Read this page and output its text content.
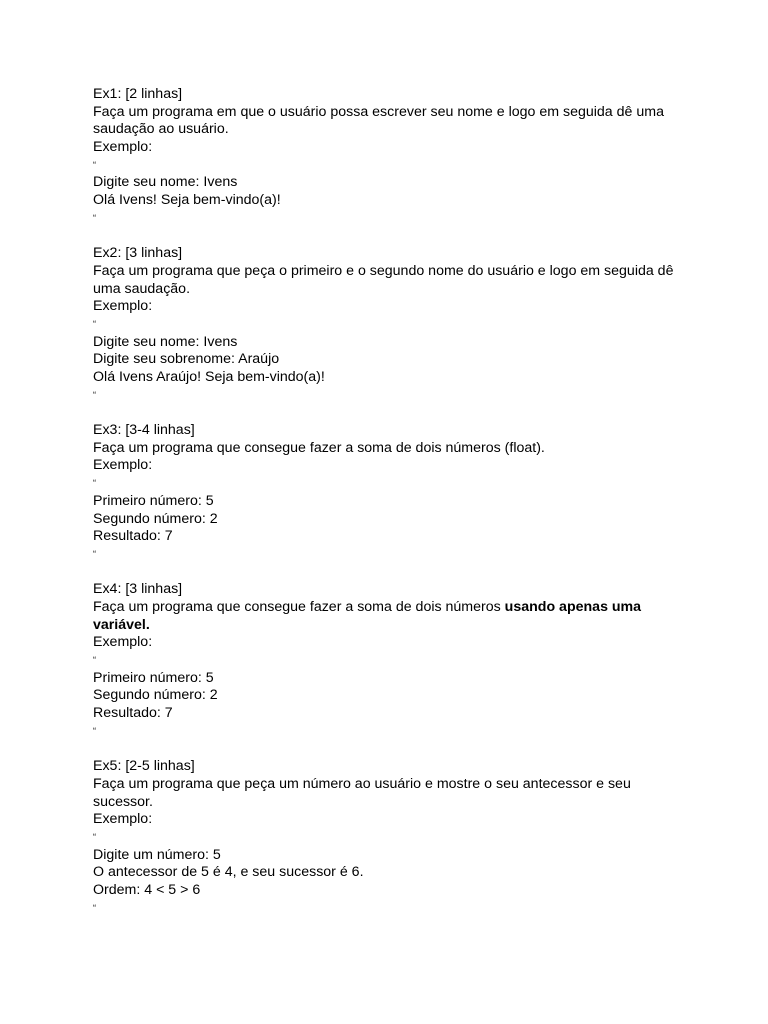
Ex1: [2 linhas]
Faça um programa em que o usuário possa escrever seu nome e logo em seguida dê uma
saudação ao usuário.
Exemplo:
“
Digite seu nome: Ivens
Olá Ivens! Seja bem-vindo(a)!
“
Ex2: [3 linhas]
Faça um programa que peça o primeiro e o segundo nome do usuário e logo em seguida dê
uma saudação.
Exemplo:
“
Digite seu nome: Ivens
Digite seu sobrenome: Araújo
Olá Ivens Araújo! Seja bem-vindo(a)!
“
Ex3: [3-4 linhas]
Faça um programa que consegue fazer a soma de dois números (float).
Exemplo:
“
Primeiro número: 5
Segundo número: 2
Resultado: 7
“
Ex4: [3 linhas]
Faça um programa que consegue fazer a soma de dois números usando apenas uma
variável.
Exemplo:
“
Primeiro número: 5
Segundo número: 2
Resultado: 7
“
Ex5: [2-5 linhas]
Faça um programa que peça um número ao usuário e mostre o seu antecessor e seu
sucessor.
Exemplo:
“
Digite um número: 5
O antecessor de 5 é 4, e seu sucessor é 6.
Ordem: 4 < 5 > 6
“
